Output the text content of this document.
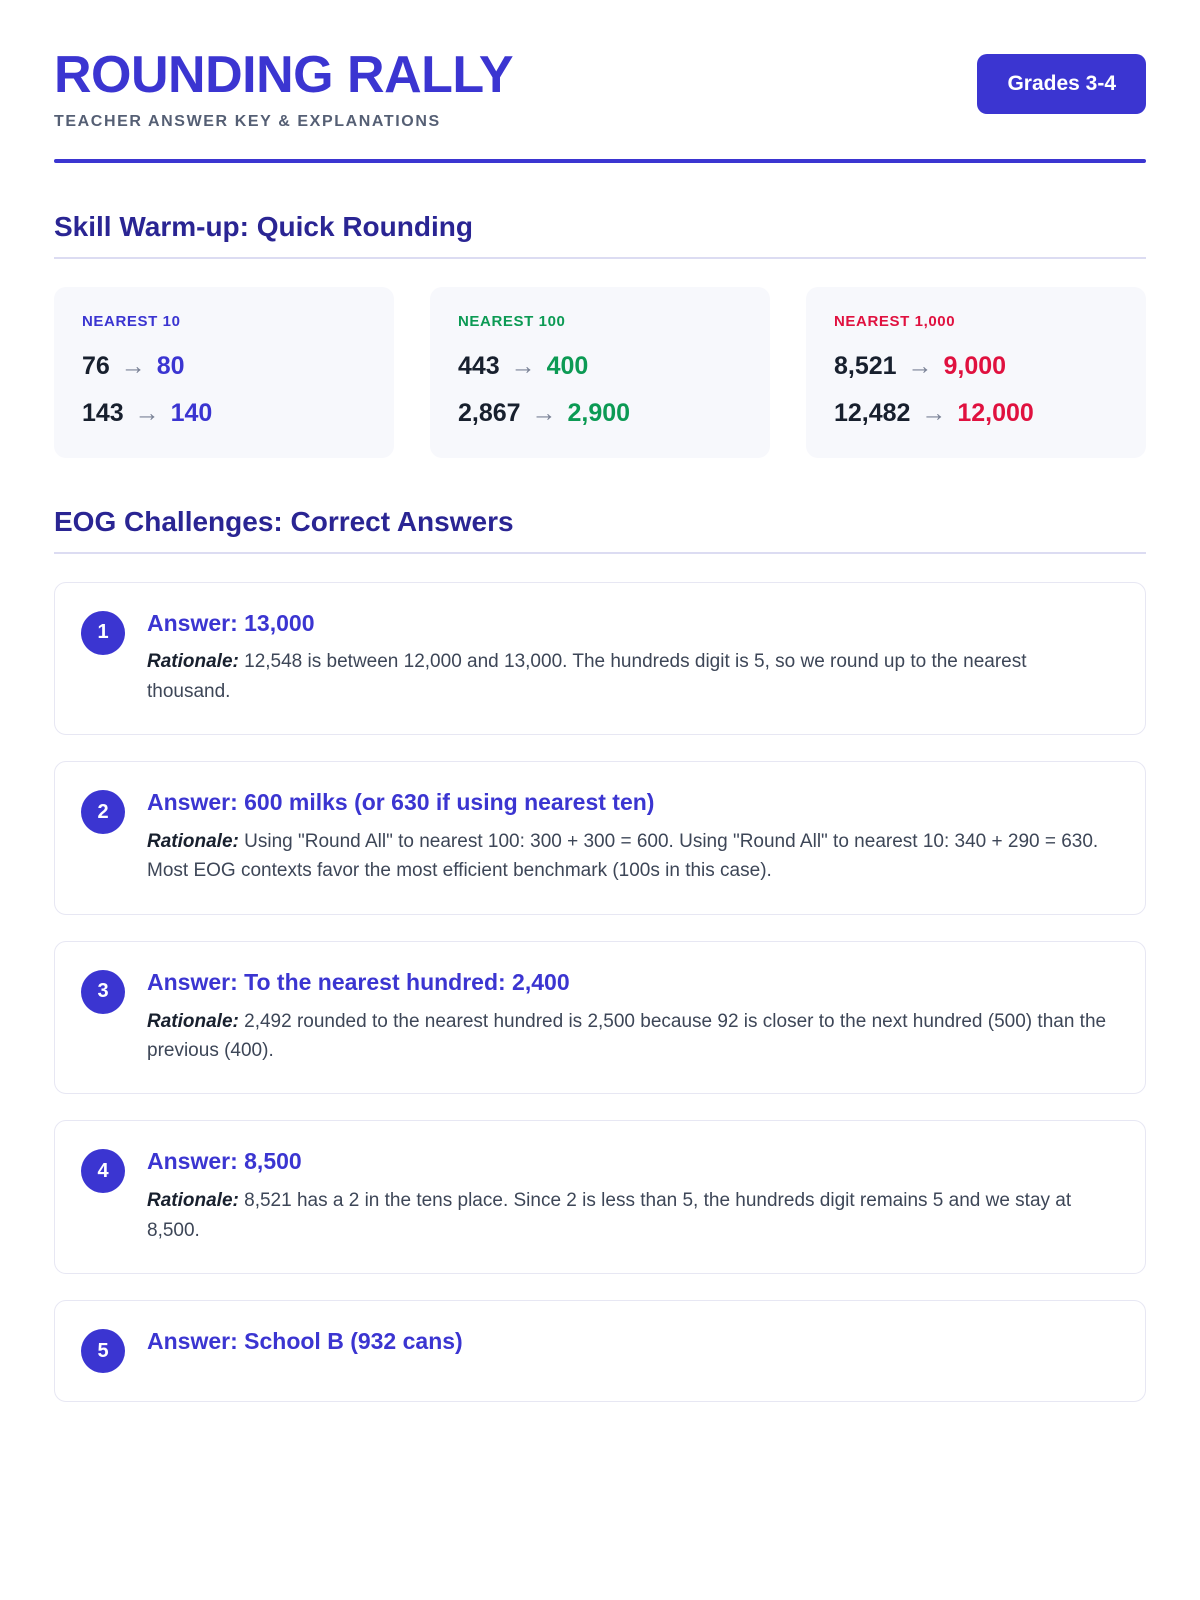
ROUNDING RALLY
TEACHER ANSWER KEY & EXPLANATIONS
Grades 3-4
Skill Warm-up: Quick Rounding
NEAREST 10
76 → 80
143 → 140
NEAREST 100
443 → 400
2,867 → 2,900
NEAREST 1,000
8,521 → 9,000
12,482 → 12,000
EOG Challenges: Correct Answers
1	Answer: 13,000

Rationale: 12,548 is between 12,000 and 13,000. The hundreds digit is 5, so we round up to the nearest thousand.

2	Answer: 600 milks (or 630 if using nearest ten)

Rationale: Using "Round All" to nearest 100: 300 + 300 = 600. Using "Round All" to nearest 10: 340 + 290 = 630. Most EOG contexts favor the most efficient benchmark (100s in this case).

3	Answer: To the nearest hundred: 2,400

Rationale: 2,492 rounded to the nearest hundred is 2,500 because 92 is closer to the next hundred (500) than the previous (400).

4	Answer: 8,500

Rationale: 8,521 has a 2 in the tens place. Since 2 is less than 5, the hundreds digit remains 5 and we stay at 8,500.

5	Answer: School B (932 cans)
